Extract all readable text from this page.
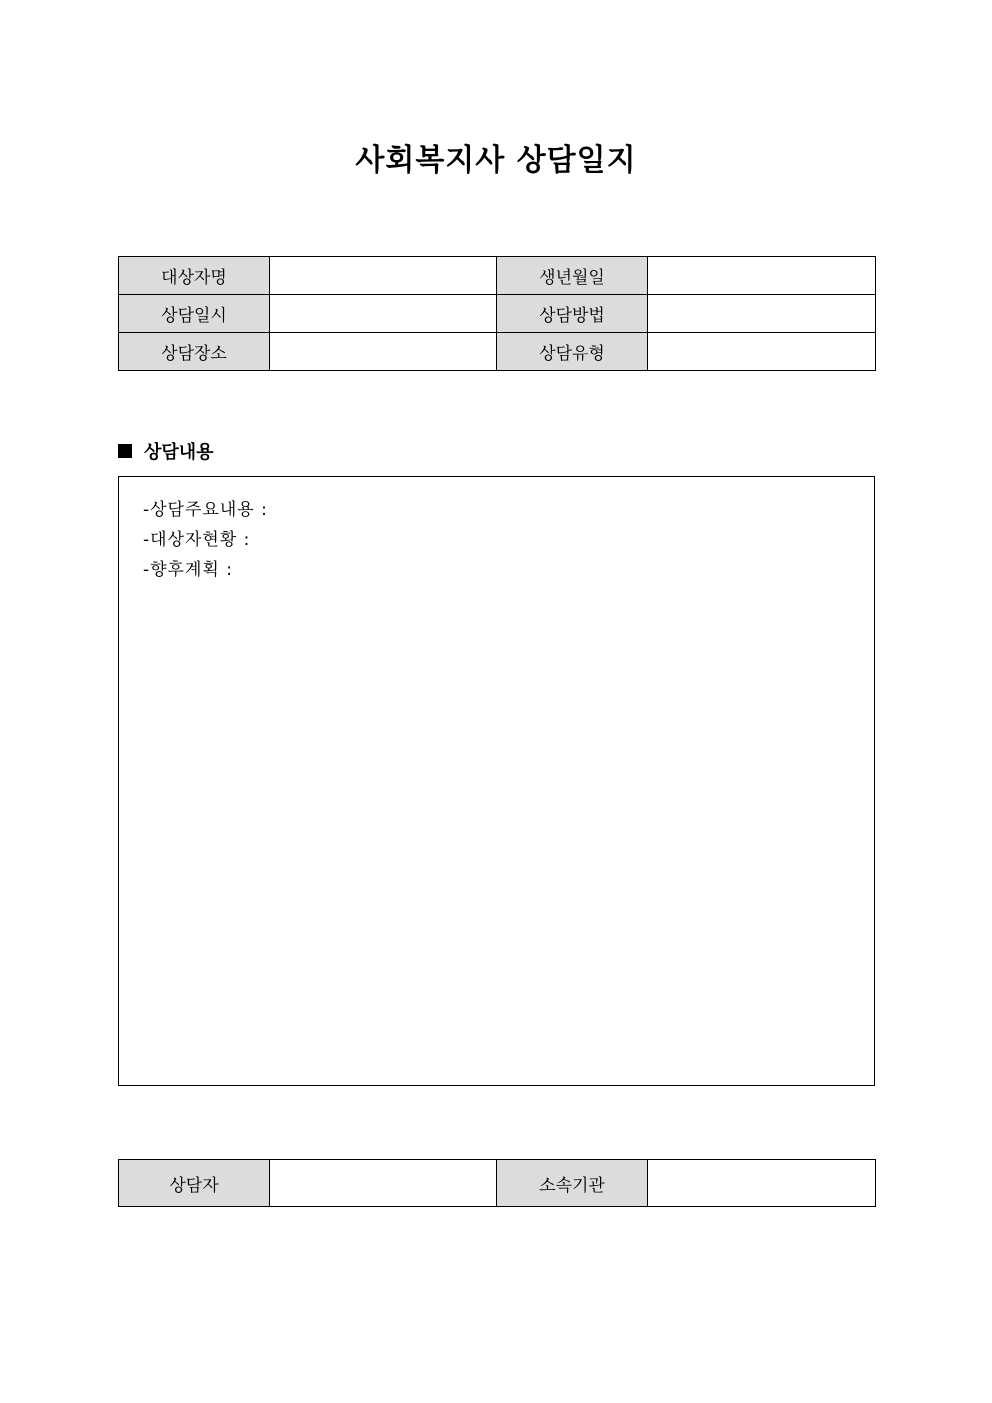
사회복지사 상담일지
대상자명		생년월일	
상담일시		상담방법	
상담장소		상담유형	
상담내용
-상담주요내용 :
-대상자현황 :
-향후계획 :
상담자		소속기관	
